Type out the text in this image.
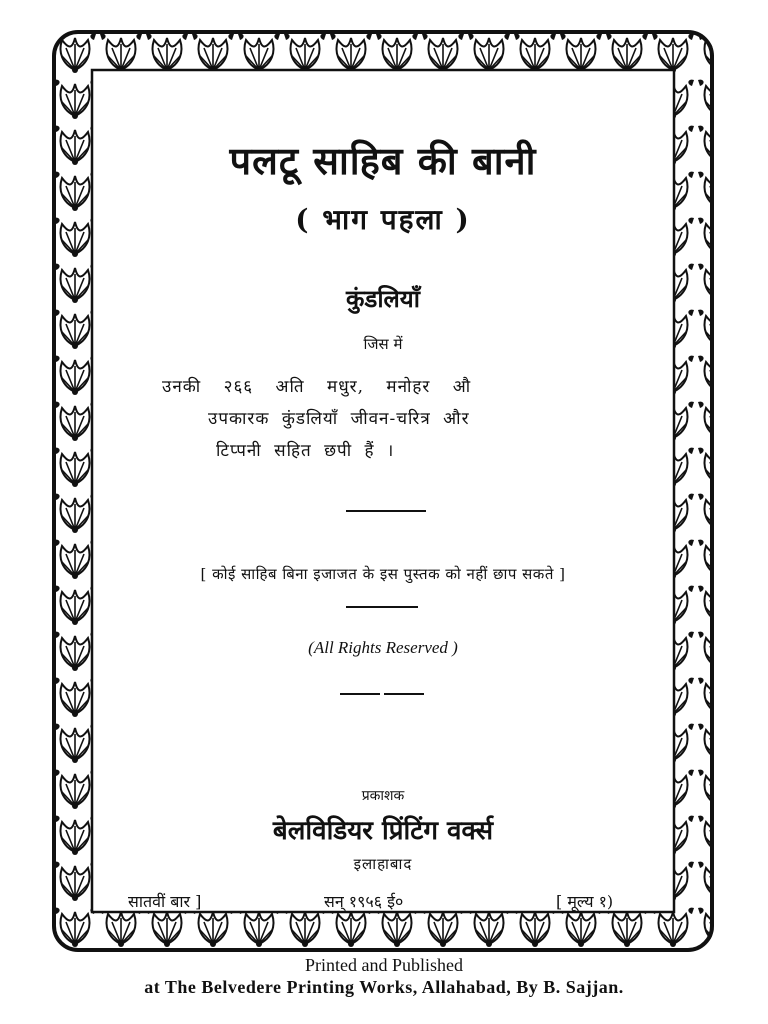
पलटू साहिब की बानी
( भाग पहला )
कुंडलियाँ
जिस में
उनकी २६६ अति मधुर, मनोहर औ
उपकारक कुंडलियाँ जीवन-चरित्र और
टिप्पनी सहित छपी हैं ।
[ कोई साहिब बिना इजाजत के इस पुस्तक को नहीं छाप सकते ]
(All Rights Reserved )
प्रकाशक
बेलविडियर प्रिंटिंग वर्क्स
इलाहाबाद
सातवीं बार ]	सन् १९५६ ई०	[ मूल्य १)
Printed and Published
at The Belvedere Printing Works, Allahabad, By B. Sajjan.
